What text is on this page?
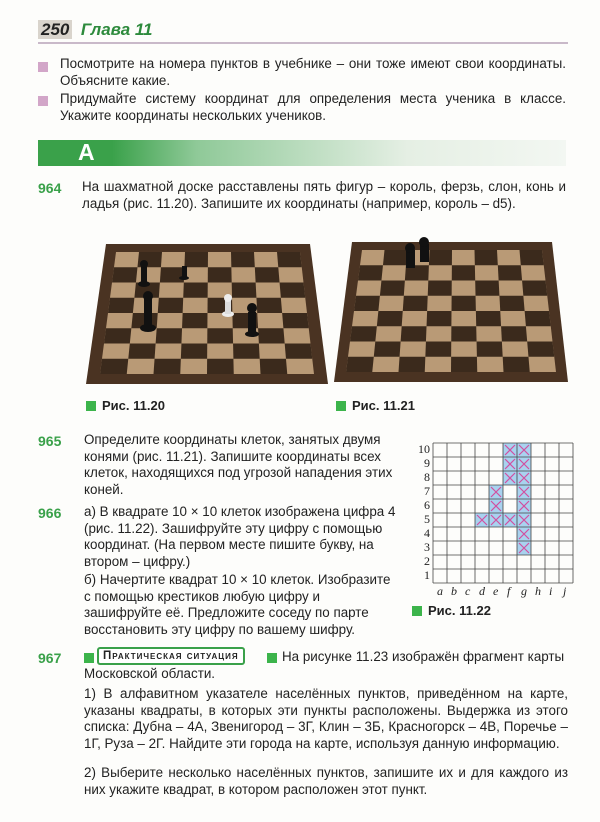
250 Глава 11
Посмотрите на номера пунктов в учебнике – они тоже имеют свои координаты. Объясните какие.
Придумайте систему координат для определения места ученика в классе. Укажите координаты нескольких учеников.
A
964 На шахматной доске расставлены пять фигур – король, ферзь, слон, конь и ладья (рис. 11.20). Запишите их координаты (например, король – d5).
Рис. 11.20	Рис. 11.21
965 Определите координаты клеток, занятых двумя конями (рис. 11.21). Запишите координаты всех клеток, находящихся под угрозой нападения этих коней.
966 а) В квадрате 10 × 10 клеток изображена цифра 4 (рис. 11.22). Зашифруйте эту цифру с помощью координат. (На первом месте пишите букву, на втором – цифру.)
б) Начертите квадрат 10 × 10 клеток. Изобразите с помощью крестиков любую цифру и зашифруйте её. Предложите соседу по парте восстановить эту цифру по вашему шифру.
10
9
8
7
6
5
4
3
2
1
a b c d e f g h i j
Рис. 11.22
967	Практическая ситуация	На рисунке 11.23 изображён фрагмент карты Московской области.
1) В алфавитном указателе населённых пунктов, приведённом на карте, указаны квадраты, в которых эти пункты расположены. Выдержка из этого списка: Дубна – 4А, Звенигород – 3Г, Клин – 3Б, Красногорск – 4В, Поречье – 1Г, Руза – 2Г. Найдите эти города на карте, используя данную информацию.
2) Выберите несколько населённых пунктов, запишите их и для каждого из них укажите квадрат, в котором расположен этот пункт.
